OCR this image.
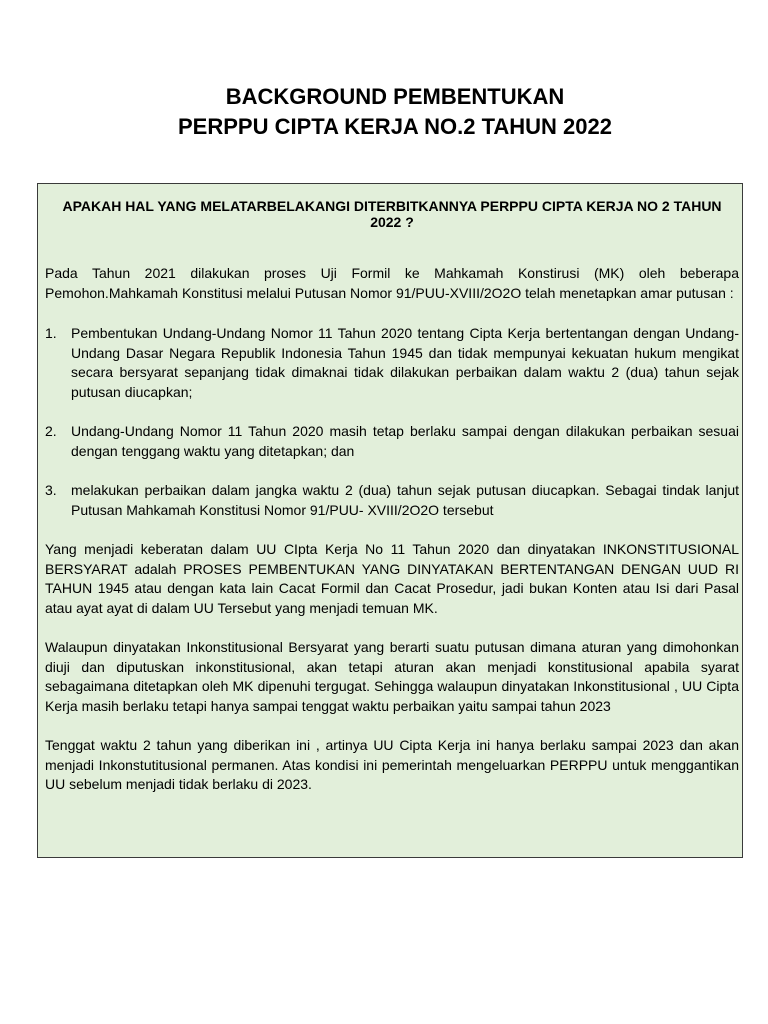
BACKGROUND PEMBENTUKAN
PERPPU CIPTA KERJA NO.2 TAHUN 2022

APAKAH HAL YANG MELATARBELAKANGI DITERBITKANNYA PERPPU CIPTA KERJA NO 2 TAHUN 2022 ?

Pada Tahun 2021 dilakukan proses Uji Formil ke Mahkamah Konstirusi (MK) oleh beberapa Pemohon.Mahkamah Konstitusi melalui Putusan Nomor 91/PUU-XVIII/2O2O telah menetapkan amar putusan :

1. Pembentukan Undang-Undang Nomor 11 Tahun 2020 tentang Cipta Kerja bertentangan dengan Undang-Undang Dasar Negara Republik Indonesia Tahun 1945 dan tidak mempunyai kekuatan hukum mengikat secara bersyarat sepanjang tidak dimaknai tidak dilakukan perbaikan dalam waktu 2 (dua) tahun sejak putusan diucapkan;
2. Undang-Undang Nomor 11 Tahun 2020 masih tetap berlaku sampai dengan dilakukan perbaikan sesuai dengan tenggang waktu yang ditetapkan; dan
3. melakukan perbaikan dalam jangka waktu 2 (dua) tahun sejak putusan diucapkan. Sebagai tindak lanjut Putusan Mahkamah Konstitusi Nomor 91/PUU- XVIII/2O2O tersebut

Yang menjadi keberatan dalam UU CIpta Kerja No 11 Tahun 2020 dan dinyatakan INKONSTITUSIONAL BERSYARAT adalah PROSES PEMBENTUKAN YANG DINYATAKAN BERTENTANGAN DENGAN UUD RI TAHUN 1945 atau dengan kata lain Cacat Formil dan Cacat Prosedur, jadi bukan Konten atau Isi dari Pasal atau ayat ayat di dalam UU Tersebut yang menjadi temuan MK.

Walaupun dinyatakan Inkonstitusional Bersyarat yang berarti suatu putusan dimana aturan yang dimohonkan diuji dan diputuskan inkonstitusional, akan tetapi aturan akan menjadi konstitusional apabila syarat sebagaimana ditetapkan oleh MK dipenuhi tergugat. Sehingga walaupun dinyatakan Inkonstitusional , UU Cipta Kerja masih berlaku tetapi hanya sampai tenggat waktu perbaikan yaitu sampai tahun 2023

Tenggat waktu 2 tahun yang diberikan ini , artinya UU Cipta Kerja ini hanya berlaku sampai 2023 dan akan menjadi Inkonstutitusional permanen. Atas kondisi ini pemerintah mengeluarkan PERPPU untuk menggantikan UU sebelum menjadi tidak berlaku di 2023.
